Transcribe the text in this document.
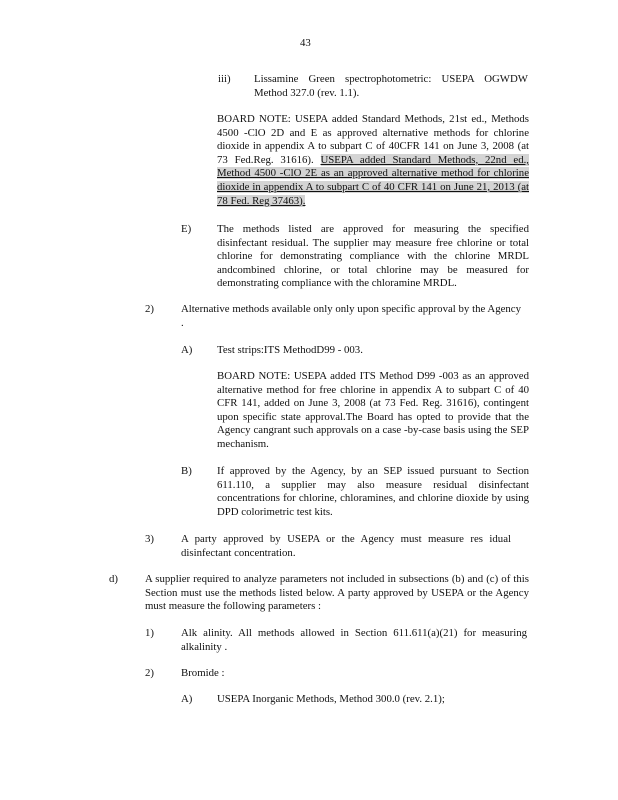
43
iii) Lissamine Green spectrophotometric: USEPA OGWDW Method 327.0 (rev. 1.1).
BOARD NOTE: USEPA added Standard Methods, 21st ed., Methods 4500 -ClO 2D and E as approved alternative methods for chlorine dioxide in appendix A to subpart C of 40CFR 141 on June 3, 2008 (at 73 Fed.Reg. 31616). USEPA added Standard Methods, 22nd ed., Method 4500 -ClO 2E as an approved alternative method for chlorine dioxide in appendix A to subpart C of 40 CFR 141 on June 21, 2013 (at 78 Fed. Reg 37463).
E) The methods listed are approved for measuring the specified disinfectant residual. The supplier may measure free chlorine or total chlorine for demonstrating compliance with the chlorine MRDL andcombined chlorine, or total chlorine may be measured for demonstrating compliance with the chloramine MRDL.
2)	Alternative methods available only only upon specific approval by the Agency .
A) Test strips:ITS MethodD99 - 003.
BOARD NOTE: USEPA added ITS Method D99 -003 as an approved alternative method for free chlorine in appendix A to subpart C of 40 CFR 141, added on June 3, 2008 (at 73 Fed. Reg. 31616), contingent upon specific state approval.The Board has opted to provide that the Agency cangrant such approvals on a case -by-case basis using the SEP mechanism.
B) If approved by the Agency, by an SEP issued pursuant to Section 611.110, a supplier may also measure residual disinfectant concentrations for chlorine, chloramines, and chlorine dioxide by using DPD colorimetric test kits.
3)	A party approved by USEPA or the Agency must measure res idual disinfectant concentration.
d)	A supplier required to analyze parameters not included in subsections (b) and (c) of this Section must use the methods listed below. A party approved by USEPA or the Agency must measure the following parameters :
1)	Alk alinity. All methods allowed in Section 611.611(a)(21) for measuring alkalinity .
2)	Bromide :
A) USEPA Inorganic Methods, Method 300.0 (rev. 2.1);
